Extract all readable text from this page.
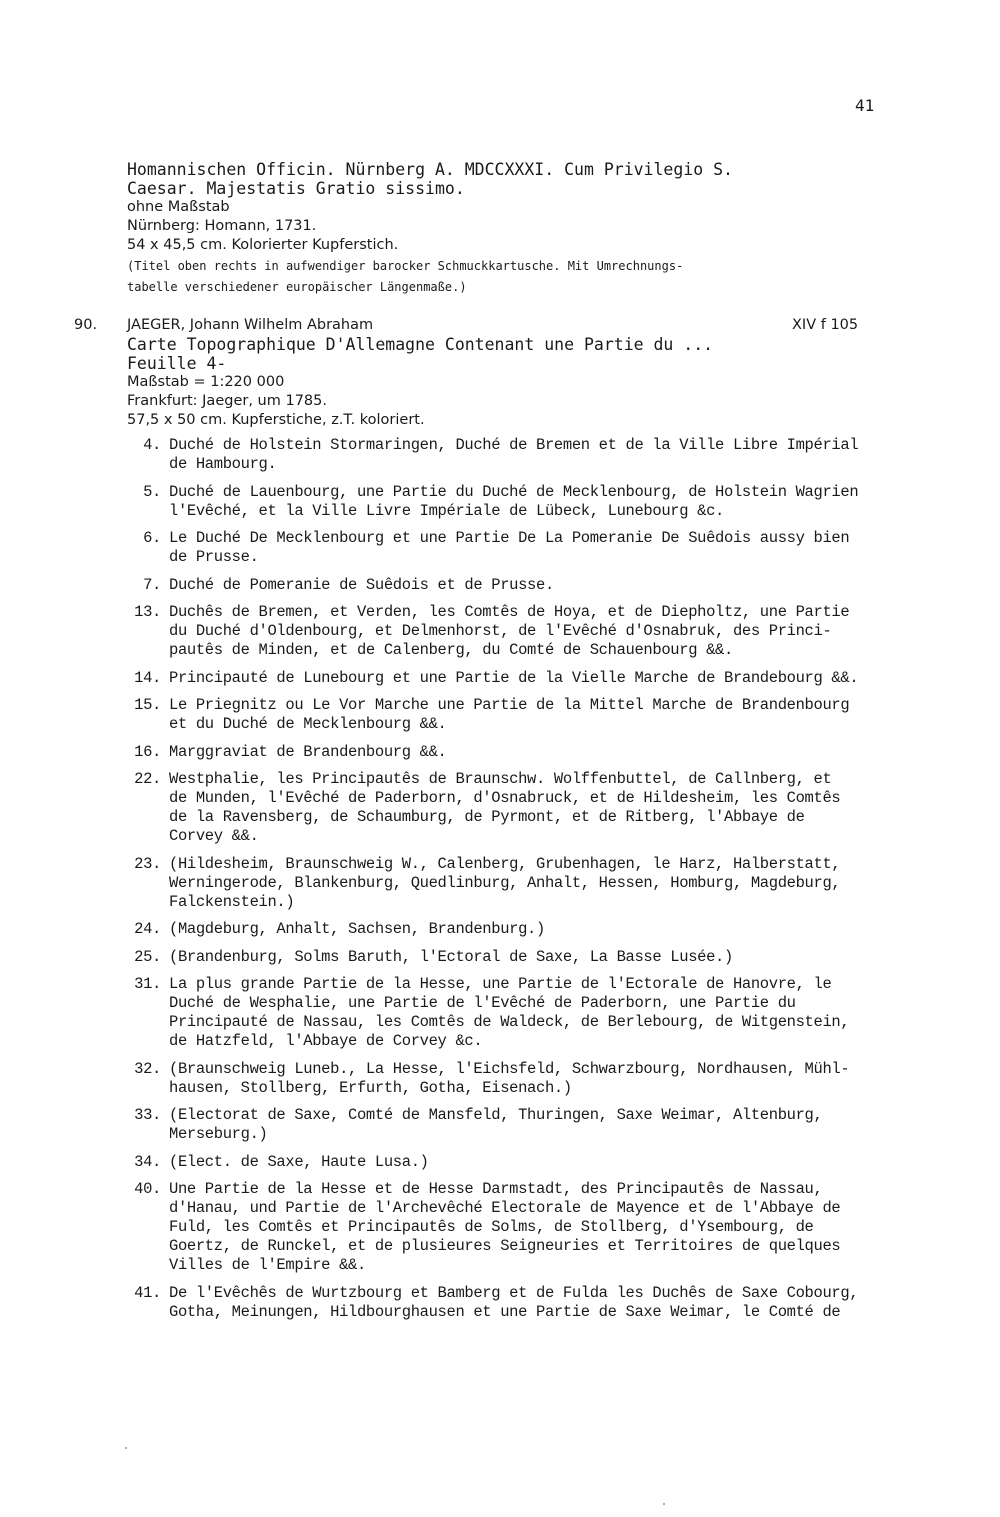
41
Homannischen Officin. Nürnberg A. MDCCXXXI. Cum Privilegio S.
Caesar. Majestatis Gratio sissimo.
ohne Maßstab
Nürnberg: Homann, 1731.
54 x 45,5 cm. Kolorierter Kupferstich.
(Titel oben rechts in aufwendiger barocker Schmuckkartusche. Mit Umrechnungs-
tabelle verschiedener europäischer Längenmaße.)
90. JAEGER, Johann Wilhelm Abraham	XIV f 105
Carte Topographique D'Allemagne Contenant une Partie du ...
Feuille 4-
Maßstab = 1:220 000
Frankfurt: Jaeger, um 1785.
57,5 x 50 cm. Kupferstiche, z.T. koloriert.
4. Duché de Holstein Stormaringen, Duché de Bremen et de la Ville Libre Impérial
de Hambourg.
5. Duché de Lauenbourg, une Partie du Duché de Mecklenbourg, de Holstein Wagrien
l'Evêché, et la Ville Livre Impériale de Lübeck, Lunebourg &c.
6. Le Duché De Mecklenbourg et une Partie De La Pomeranie De Suêdois aussy bien
de Prusse.
7. Duché de Pomeranie de Suêdois et de Prusse.
13. Duchês de Bremen, et Verden, les Comtês de Hoya, et de Diepholtz, une Partie
du Duché d'Oldenbourg, et Delmenhorst, de l'Evêché d'Osnabruk, des Princi-
pautês de Minden, et de Calenberg, du Comté de Schauenbourg &&.
14. Principauté de Lunebourg et une Partie de la Vielle Marche de Brandebourg &&.
15. Le Priegnitz ou Le Vor Marche une Partie de la Mittel Marche de Brandenbourg
et du Duché de Mecklenbourg &&.
16. Marggraviat de Brandenbourg &&.
22. Westphalie, les Principautês de Braunschw. Wolffenbuttel, de Callnberg, et
de Munden, l'Evêché de Paderborn, d'Osnabruck, et de Hildesheim, les Comtês
de la Ravensberg, de Schaumburg, de Pyrmont, et de Ritberg, l'Abbaye de
Corvey &&.
23. (Hildesheim, Braunschweig W., Calenberg, Grubenhagen, le Harz, Halberstatt,
Werningerode, Blankenburg, Quedlinburg, Anhalt, Hessen, Homburg, Magdeburg,
Falckenstein.)
24. (Magdeburg, Anhalt, Sachsen, Brandenburg.)
25. (Brandenburg, Solms Baruth, l'Ectoral de Saxe, La Basse Lusée.)
31. La plus grande Partie de la Hesse, une Partie de l'Ectorale de Hanovre, le
Duché de Wesphalie, une Partie de l'Evêché de Paderborn, une Partie du
Principauté de Nassau, les Comtês de Waldeck, de Berlebourg, de Witgenstein,
de Hatzfeld, l'Abbaye de Corvey &c.
32. (Braunschweig Luneb., La Hesse, l'Eichsfeld, Schwarzbourg, Nordhausen, Mühl-
hausen, Stollberg, Erfurth, Gotha, Eisenach.)
33. (Electorat de Saxe, Comté de Mansfeld, Thuringen, Saxe Weimar, Altenburg,
Merseburg.)
34. (Elect. de Saxe, Haute Lusa.)
40. Une Partie de la Hesse et de Hesse Darmstadt, des Principautês de Nassau,
d'Hanau, und Partie de l'Archevêché Electorale de Mayence et de l'Abbaye de
Fuld, les Comtês et Principautês de Solms, de Stollberg, d'Ysembourg, de
Goertz, de Runckel, et de plusieures Seigneuries et Territoires de quelques
Villes de l'Empire &&.
41. De l'Evêchês de Wurtzbourg et Bamberg et de Fulda les Duchês de Saxe Cobourg,
Gotha, Meinungen, Hildbourghausen et une Partie de Saxe Weimar, le Comté de
